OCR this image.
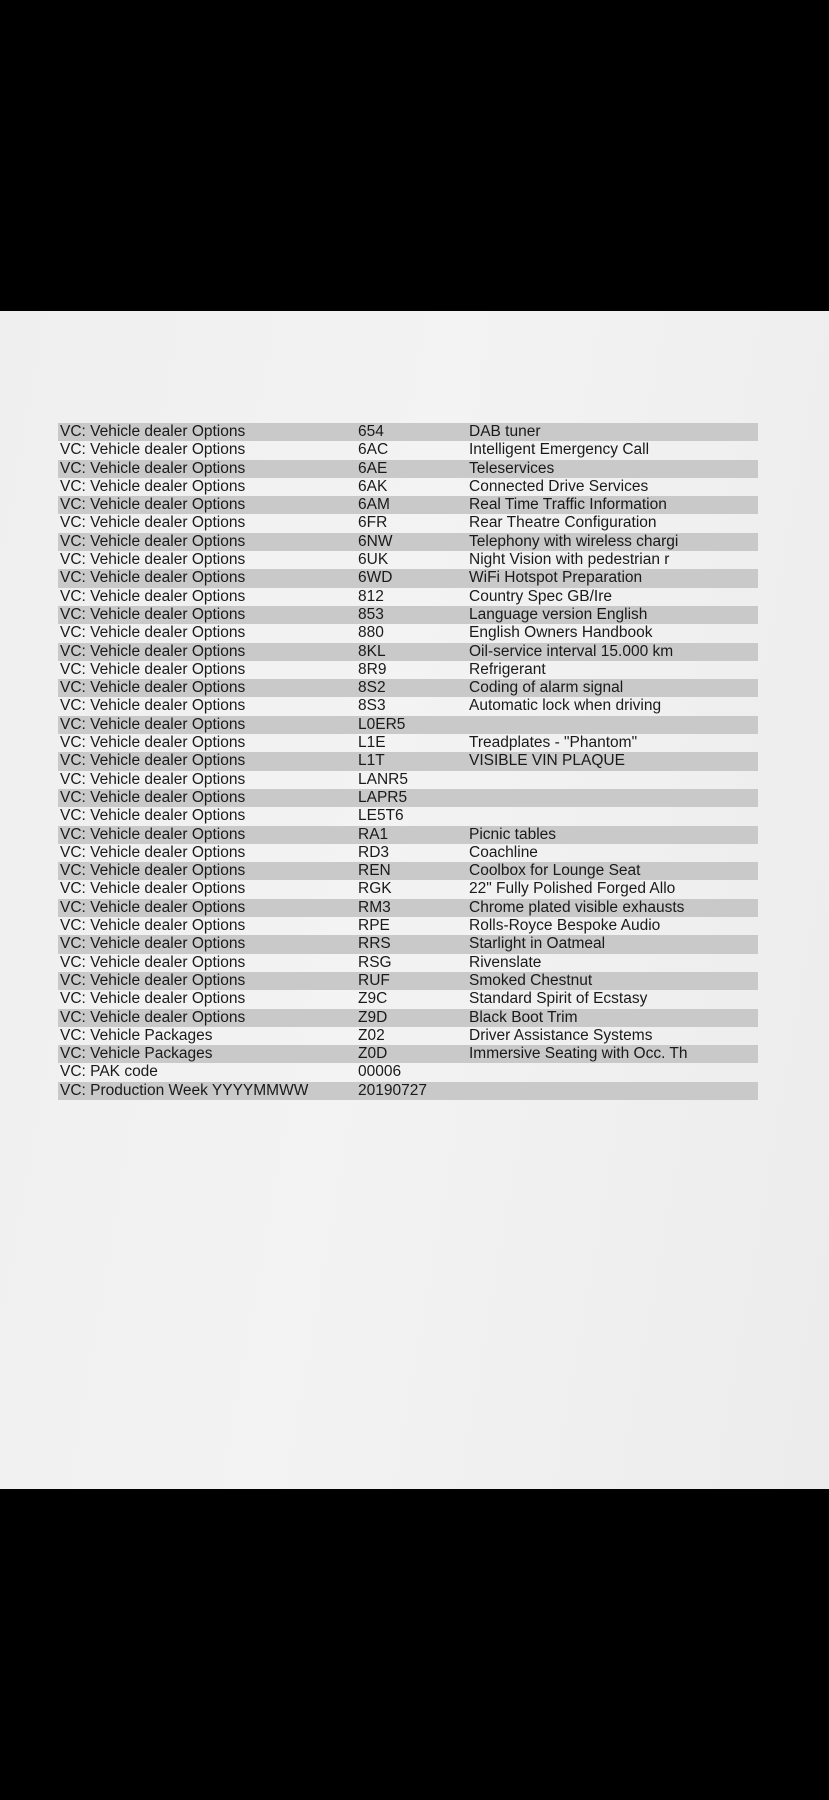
VC: Vehicle dealer Options	654	DAB tuner
VC: Vehicle dealer Options	6AC	Intelligent Emergency Call
VC: Vehicle dealer Options	6AE	Teleservices
VC: Vehicle dealer Options	6AK	Connected Drive Services
VC: Vehicle dealer Options	6AM	Real Time Traffic Information
VC: Vehicle dealer Options	6FR	Rear Theatre Configuration
VC: Vehicle dealer Options	6NW	Telephony with wireless chargi
VC: Vehicle dealer Options	6UK	Night Vision with pedestrian r
VC: Vehicle dealer Options	6WD	WiFi Hotspot Preparation
VC: Vehicle dealer Options	812	Country Spec GB/Ire
VC: Vehicle dealer Options	853	Language version English
VC: Vehicle dealer Options	880	English Owners Handbook
VC: Vehicle dealer Options	8KL	Oil-service interval 15.000 km
VC: Vehicle dealer Options	8R9	Refrigerant
VC: Vehicle dealer Options	8S2	Coding of alarm signal
VC: Vehicle dealer Options	8S3	Automatic lock when driving
VC: Vehicle dealer Options	L0ER5
VC: Vehicle dealer Options	L1E	Treadplates - "Phantom"
VC: Vehicle dealer Options	L1T	VISIBLE VIN PLAQUE
VC: Vehicle dealer Options	LANR5
VC: Vehicle dealer Options	LAPR5
VC: Vehicle dealer Options	LE5T6
VC: Vehicle dealer Options	RA1	Picnic tables
VC: Vehicle dealer Options	RD3	Coachline
VC: Vehicle dealer Options	REN	Coolbox for Lounge Seat
VC: Vehicle dealer Options	RGK	22" Fully Polished Forged Allo
VC: Vehicle dealer Options	RM3	Chrome plated visible exhausts
VC: Vehicle dealer Options	RPE	Rolls-Royce Bespoke Audio
VC: Vehicle dealer Options	RRS	Starlight in Oatmeal
VC: Vehicle dealer Options	RSG	Rivenslate
VC: Vehicle dealer Options	RUF	Smoked Chestnut
VC: Vehicle dealer Options	Z9C	Standard Spirit of Ecstasy
VC: Vehicle dealer Options	Z9D	Black Boot Trim
VC: Vehicle Packages	Z02	Driver Assistance Systems
VC: Vehicle Packages	Z0D	Immersive Seating with Occ. Th
VC: PAK code	00006
VC: Production Week YYYYMMWW	20190727
